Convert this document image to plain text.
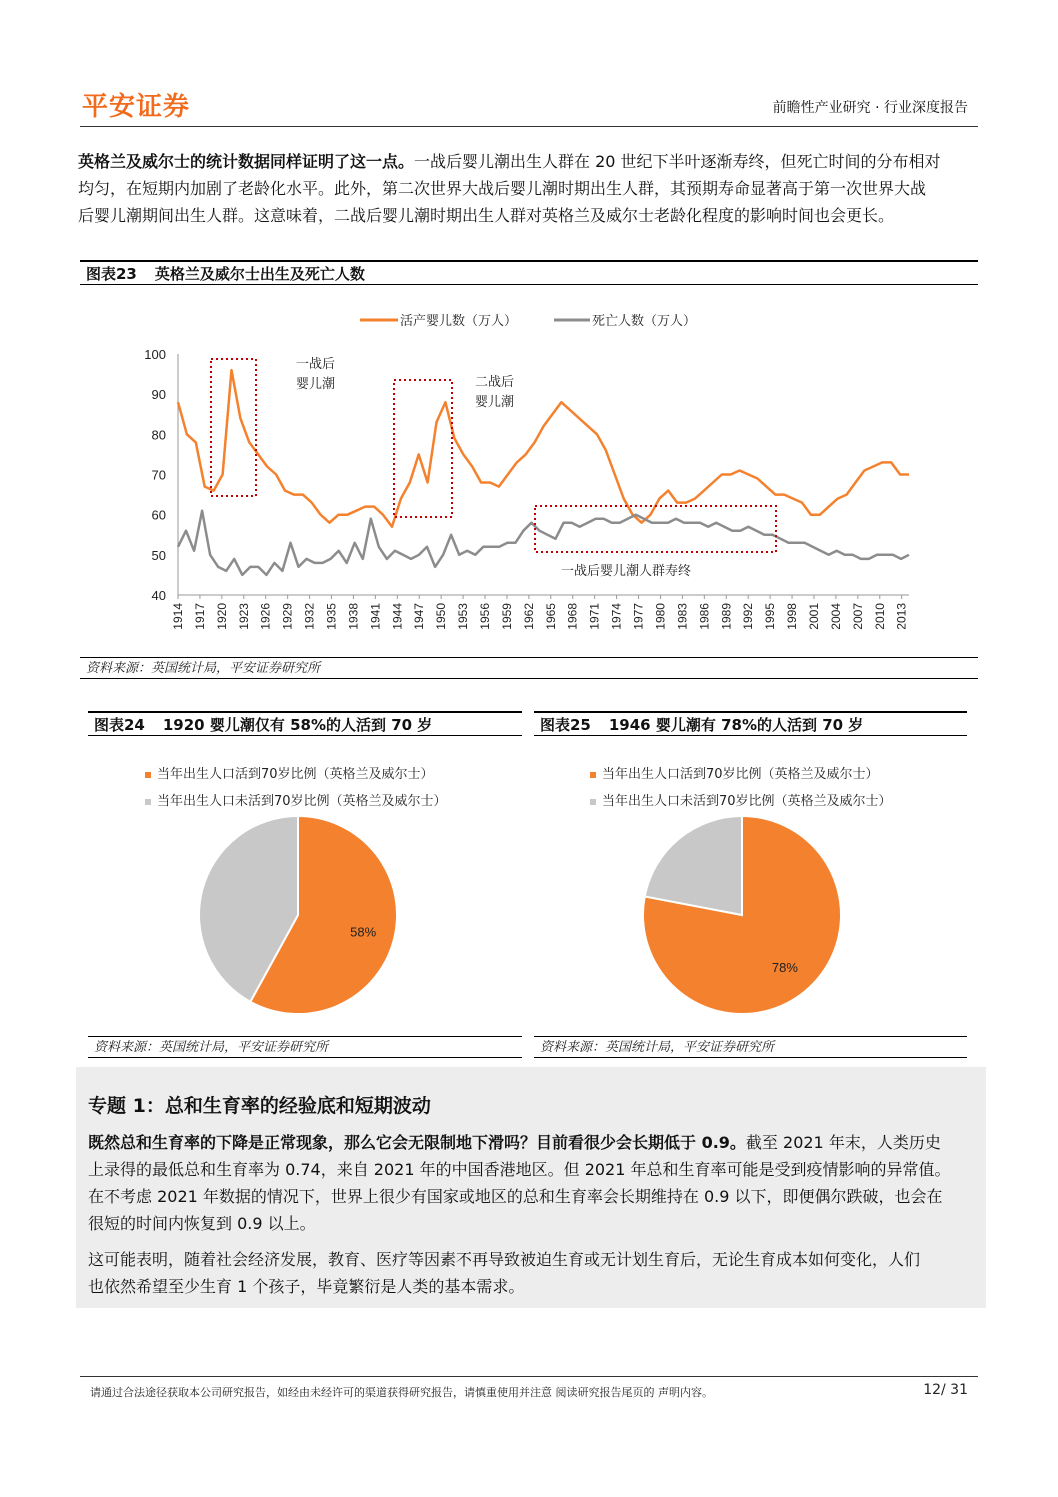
平安证券	前瞻性产业研究 · 行业深度报告
英格兰及威尔士的统计数据同样证明了这一点。一战后婴儿潮出生人群在 20 世纪下半叶逐渐寿终，但死亡时间的分布相对
均匀，在短期内加剧了老龄化水平。此外，第二次世界大战后婴儿潮时期出生人群，其预期寿命显著高于第一次世界大战
后婴儿潮期间出生人群。这意味着，二战后婴儿潮时期出生人群对英格兰及威尔士老龄化程度的影响时间也会更长。
图表23 英格兰及威尔士出生及死亡人数
活产婴儿数（万人）	死亡人数（万人）
40
50
60
70
80
90
100
1914 1917 1920 1923 1926 1929 1932 1935 1938 1941 1944 1947 1950 1953 1956 1959 1962 1965 1968 1971 1974 1977 1980 1983 1986 1989 1992 1995 1998 2001 2004 2007 2010 2013
一战后
婴儿潮	二战后
婴儿潮
一战后婴儿潮人群寿终
资料来源：英国统计局，平安证券研究所
图表24 1920 婴儿潮仅有 58%的人活到 70 岁
当年出生人口活到70岁比例（英格兰及威尔士）
当年出生人口未活到70岁比例（英格兰及威尔士）
58%
资料来源：英国统计局，平安证券研究所
图表25 1946 婴儿潮有 78%的人活到 70 岁
当年出生人口活到70岁比例（英格兰及威尔士）
当年出生人口未活到70岁比例（英格兰及威尔士）
78%
资料来源：英国统计局，平安证券研究所
专题 1：总和生育率的经验底和短期波动
既然总和生育率的下降是正常现象，那么它会无限制地下滑吗？目前看很少会长期低于 0.9。截至 2021 年末，人类历史
上录得的最低总和生育率为 0.74，来自 2021 年的中国香港地区。但 2021 年总和生育率可能是受到疫情影响的异常值。
在不考虑 2021 年数据的情况下，世界上很少有国家或地区的总和生育率会长期维持在 0.9 以下，即便偶尔跌破，也会在
很短的时间内恢复到 0.9 以上。
这可能表明，随着社会经济发展，教育、医疗等因素不再导致被迫生育或无计划生育后，无论生育成本如何变化，人们
也依然希望至少生育 1 个孩子，毕竟繁衍是人类的基本需求。
请通过合法途径获取本公司研究报告，如经由未经许可的渠道获得研究报告，请慎重使用并注意 阅读研究报告尾页的 声明内容。	12/ 31
